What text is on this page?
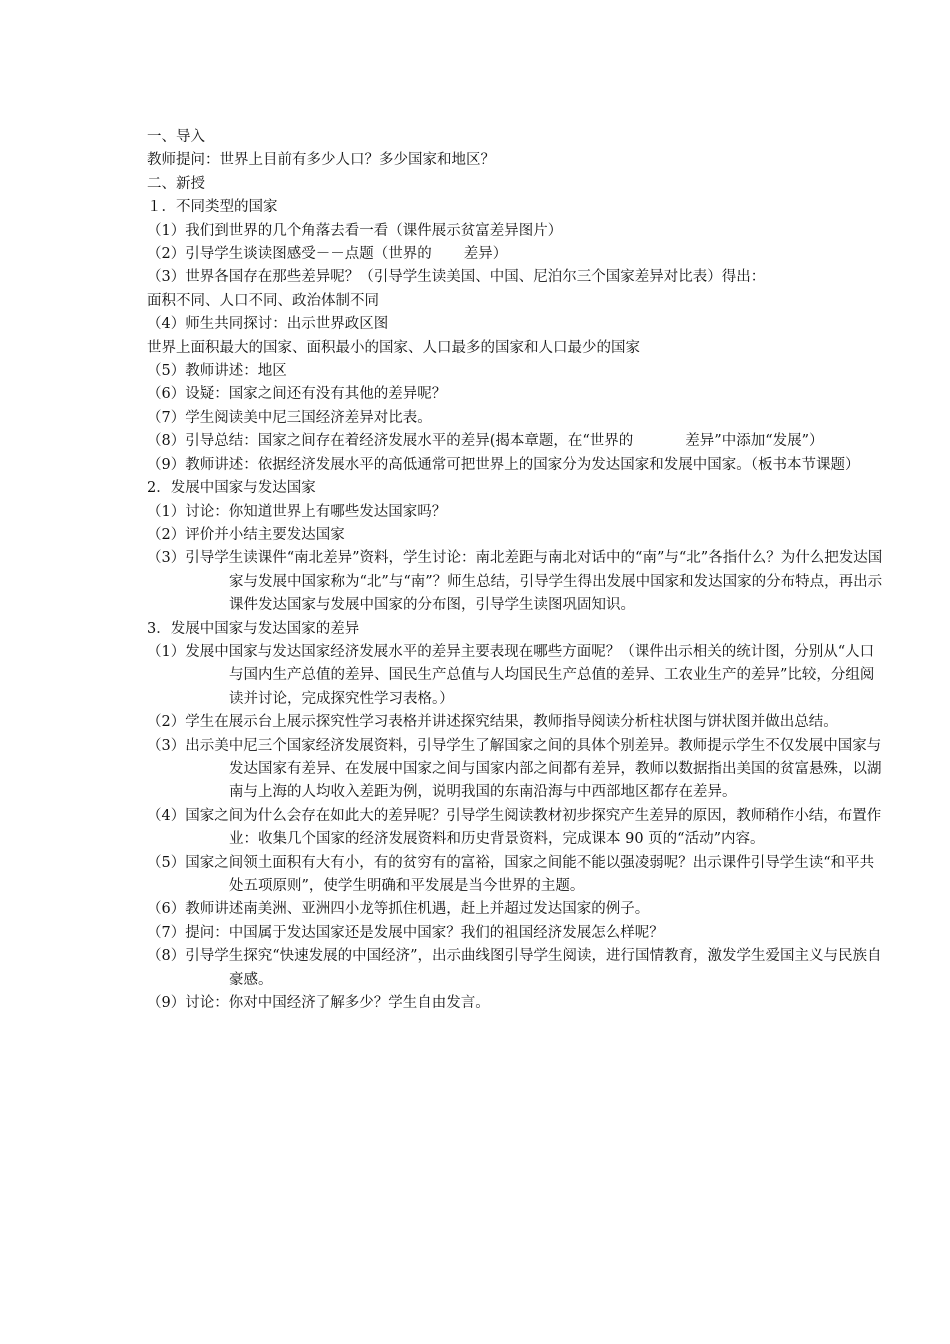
一、导入
教师提问：世界上目前有多少人口？多少国家和地区？
二、新授
１．不同类型的国家
（1）我们到世界的几个角落去看一看（课件展示贫富差异图片）
（2）引导学生谈读图感受－－点题（世界的 差异）
（3）世界各国存在那些差异呢？（引导学生读美国、中国、尼泊尔三个国家差异对比表）得出：
面积不同、人口不同、政治体制不同
（4）师生共同探讨：出示世界政区图
世界上面积最大的国家、面积最小的国家、人口最多的国家和人口最少的国家
（5）教师讲述：地区
（6）设疑：国家之间还有没有其他的差异呢？
（7）学生阅读美中尼三国经济差异对比表。
（8）引导总结：国家之间存在着经济发展水平的差异(揭本章题，在“世界的	差异”中添加“发展”）
（9）教师讲述：依据经济发展水平的高低通常可把世界上的国家分为发达国家和发展中国家。（板书本节课题）
2．发展中国家与发达国家
（1）讨论：你知道世界上有哪些发达国家吗？
（2）评价并小结主要发达国家
（3）引导学生读课件“南北差异”资料，学生讨论：南北差距与南北对话中的“南”与“北”各指什么？为什么把发达国家与发展中国家称为“北”与“南”？师生总结，引导学生得出发展中国家和发达国家的分布特点，再出示课件发达国家与发展中国家的分布图，引导学生读图巩固知识。
3．发展中国家与发达国家的差异
（1）发展中国家与发达国家经济发展水平的差异主要表现在哪些方面呢？（课件出示相关的统计图，分别从“人口与国内生产总值的差异、国民生产总值与人均国民生产总值的差异、工农业生产的差异”比较，分组阅读并讨论，完成探究性学习表格。）
（2）学生在展示台上展示探究性学习表格并讲述探究结果，教师指导阅读分析柱状图与饼状图并做出总结。
（3）出示美中尼三个国家经济发展资料，引导学生了解国家之间的具体个别差异。教师提示学生不仅发展中国家与发达国家有差异、在发展中国家之间与国家内部之间都有差异，教师以数据指出美国的贫富悬殊，以湖南与上海的人均收入差距为例，说明我国的东南沿海与中西部地区都存在差异。
（4）国家之间为什么会存在如此大的差异呢？引导学生阅读教材初步探究产生差异的原因，教师稍作小结，布置作业：收集几个国家的经济发展资料和历史背景资料，完成课本 90 页的“活动”内容。
（5）国家之间领土面积有大有小，有的贫穷有的富裕，国家之间能不能以强凌弱呢？出示课件引导学生读“和平共处五项原则”，使学生明确和平发展是当今世界的主题。
（6）教师讲述南美洲、亚洲四小龙等抓住机遇，赶上并超过发达国家的例子。
（7）提问：中国属于发达国家还是发展中国家？我们的祖国经济发展怎么样呢？
（8）引导学生探究“快速发展的中国经济”，出示曲线图引导学生阅读，进行国情教育，激发学生爱国主义与民族自豪感。
（9）讨论：你对中国经济了解多少？学生自由发言。
